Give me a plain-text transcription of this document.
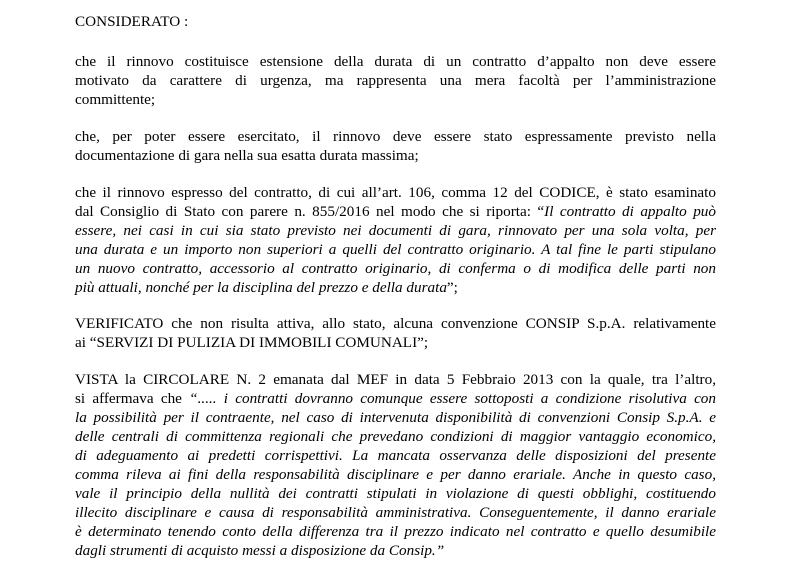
CONSIDERATO :
che il rinnovo costituisce estensione della durata di un contratto d’appalto non deve essere
motivato da carattere di urgenza, ma rappresenta una mera facoltà per l’amministrazione
committente;
che, per poter essere esercitato, il rinnovo deve essere stato espressamente previsto nella
documentazione di gara nella sua esatta durata massima;
che il rinnovo espresso del contratto, di cui all’art. 106, comma 12 del CODICE, è stato esaminato
dal Consiglio di Stato con parere n. 855/2016 nel modo che si riporta: “Il contratto di appalto può
essere, nei casi in cui sia stato previsto nei documenti di gara, rinnovato per una sola volta, per
una durata e un importo non superiori a quelli del contratto originario. A tal fine le parti stipulano
un nuovo contratto, accessorio al contratto originario, di conferma o di modifica delle parti non
più attuali, nonché per la disciplina del prezzo e della durata”;
VERIFICATO che non risulta attiva, allo stato, alcuna convenzione CONSIP S.p.A. relativamente
ai “SERVIZI DI PULIZIA DI IMMOBILI COMUNALI”;
VISTA la CIRCOLARE N. 2 emanata dal MEF in data 5 Febbraio 2013 con la quale, tra l’altro,
si affermava che “..... i contratti dovranno comunque essere sottoposti a condizione risolutiva con
la possibilità per il contraente, nel caso di intervenuta disponibilità di convenzioni Consip S.p.A. e
delle centrali di committenza regionali che prevedano condizioni di maggior vantaggio economico,
di adeguamento ai predetti corrispettivi. La mancata osservanza delle disposizioni del presente
comma rileva ai fini della responsabilità disciplinare e per danno erariale. Anche in questo caso,
vale il principio della nullità dei contratti stipulati in violazione di questi obblighi, costituendo
illecito disciplinare e causa di responsabilità amministrativa. Conseguentemente, il danno erariale
è determinato tenendo conto della differenza tra il prezzo indicato nel contratto e quello desumibile
dagli strumenti di acquisto messi a disposizione da Consip.”
